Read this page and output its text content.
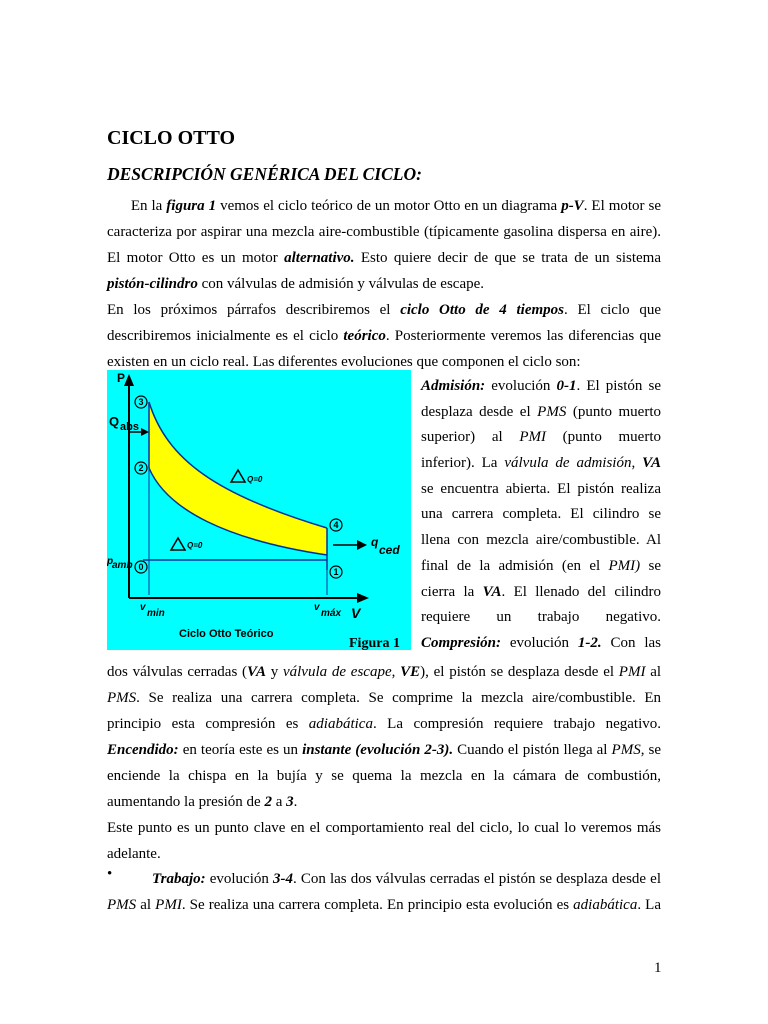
CICLO OTTO
DESCRIPCIÓN GENÉRICA DEL CICLO:
En la figura 1 vemos el ciclo teórico de un motor Otto en un diagrama p-V. El motor se
caracteriza por aspirar una mezcla aire-combustible (típicamente gasolina dispersa en aire).
El motor Otto es un motor alternativo. Esto quiere decir de que se trata de un sistema
pistón-cilindro con válvulas de admisión y válvulas de escape.
En los próximos párrafos describiremos el ciclo Otto de 4 tiempos. El ciclo que
describiremos inicialmente es el ciclo teórico. Posteriormente veremos las diferencias que
existen en un ciclo real. Las diferentes evoluciones que componen el ciclo son:
3
2
0
4
1
P
V
Q abs
q
ced
p
amb
v
min
v
máx
Q=0
Q=0
Ciclo Otto Teórico
Figura 1
Admisión: evolución 0-1. El pistón se
desplaza desde el PMS (punto muerto
superior) al PMI (punto muerto
inferior). La válvula de admisión, VA
se encuentra abierta. El pistón realiza
una carrera completa. El cilindro se
llena con mezcla aire/combustible. Al
final de la admisión (en el PMI) se
cierra la VA. El llenado del cilindro
requiere un trabajo negativo.
Compresión: evolución 1-2. Con las
dos válvulas cerradas (VA y válvula de escape, VE), el pistón se desplaza desde el PMI al
PMS. Se realiza una carrera completa. Se comprime la mezcla aire/combustible. En
principio esta compresión es adiabática. La compresión requiere trabajo negativo.
Encendido: en teoría este es un instante (evolución 2-3). Cuando el pistón llega al PMS, se
enciende la chispa en la bujía y se quema la mezcla en la cámara de combustión,
aumentando la presión de 2 a 3.
Este punto es un punto clave en el comportamiento real del ciclo, lo cual lo veremos más
adelante.
•	Trabajo: evolución 3-4. Con las dos válvulas cerradas el pistón se desplaza desde el
PMS al PMI. Se realiza una carrera completa. En principio esta evolución es adiabática. La
1
